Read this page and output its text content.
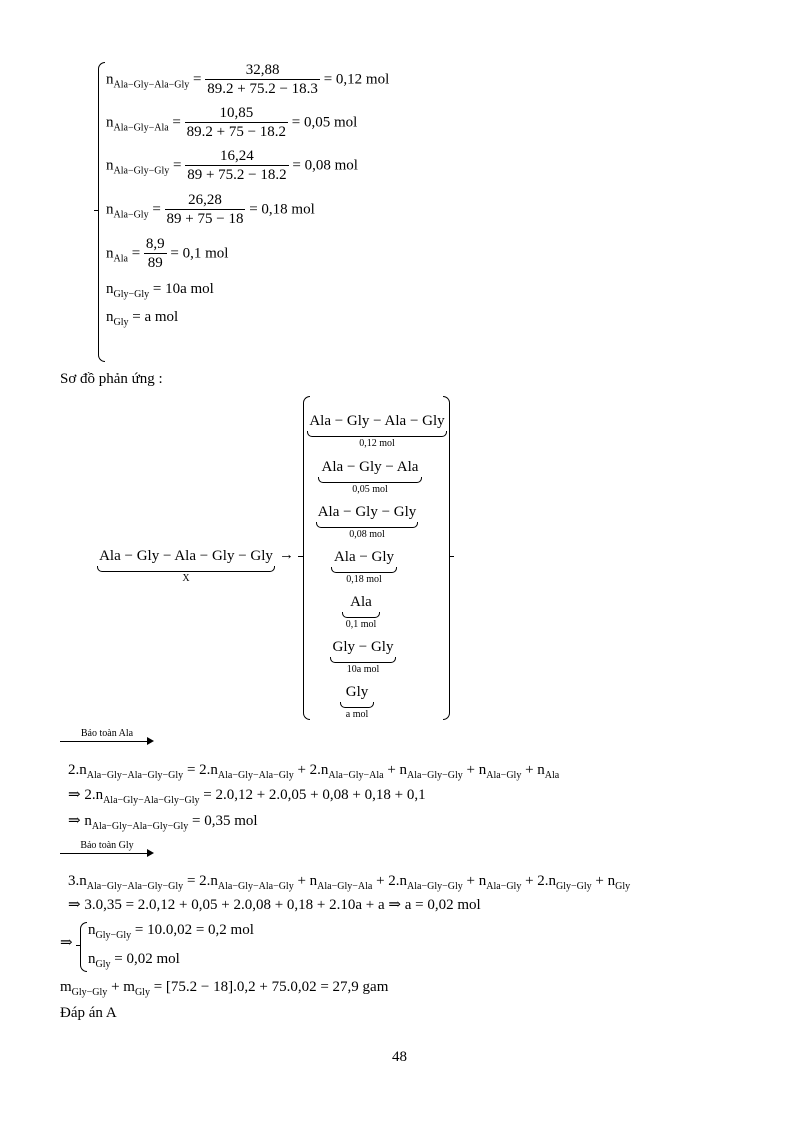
$n_{Ala-Gly-Ala-Gly} = \frac{32,88}{89.2 + 75.2 - 18.3} = 0,12$ mol
$n_{Ala-Gly-Ala} = \frac{10,85}{89.2 + 75 - 18.2} = 0,05$ mol
$n_{Ala-Gly-Gly} = \frac{16,24}{89 + 75.2 - 18.2} = 0,08$ mol
$n_{Ala-Gly} = \frac{26,28}{89 + 75 - 18} = 0,18$ mol
$n_{Ala} = \frac{8,9}{89} = 0,1$ mol
$n_{Gly-Gly} = 10a$ mol
$n_{Gly} = a$ mol
Sơ đồ phản ứng :
Ala − Gly − Ala − Gly − Gly
X
→
Ala − Gly − Ala − Gly
0,12 mol
Ala − Gly − Ala
0,05 mol
Ala − Gly − Gly
0,08 mol
Ala − Gly
0,18 mol
Ala
0,1 mol
Gly − Gly
10a mol
Gly
a mol
Bảo toàn Ala
$2.n_{Ala-Gly-Ala-Gly-Gly} = 2.n_{Ala-Gly-Ala-Gly} + 2.n_{Ala-Gly-Ala} + n_{Ala-Gly-Gly} + n_{Ala-Gly} + n_{Ala}$
⇒ $2.n_{Ala-Gly-Ala-Gly-Gly} = 2.0,12 + 2.0,05 + 0,08 + 0,18 + 0,1$
⇒ $n_{Ala-Gly-Ala-Gly-Gly} = 0,35$ mol
Bảo toàn Gly
$3.n_{Ala-Gly-Ala-Gly-Gly} = 2.n_{Ala-Gly-Ala-Gly} + n_{Ala-Gly-Ala} + 2.n_{Ala-Gly-Gly} + n_{Ala-Gly} + 2.n_{Gly-Gly} + n_{Gly}$
⇒ 3.0,35 = 2.0,12 + 0,05 + 2.0,08 + 0,18 + 2.10a + a ⇒ a = 0,02 mol
⇒
$n_{Gly-Gly} = 10.0,02 = 0,2$ mol
$n_{Gly} = 0,02$ mol
$m_{Gly-Gly} + m_{Gly} = [75.2 - 18].0,2 + 75.0,02 = 27,9$ gam
Đáp án A
48
